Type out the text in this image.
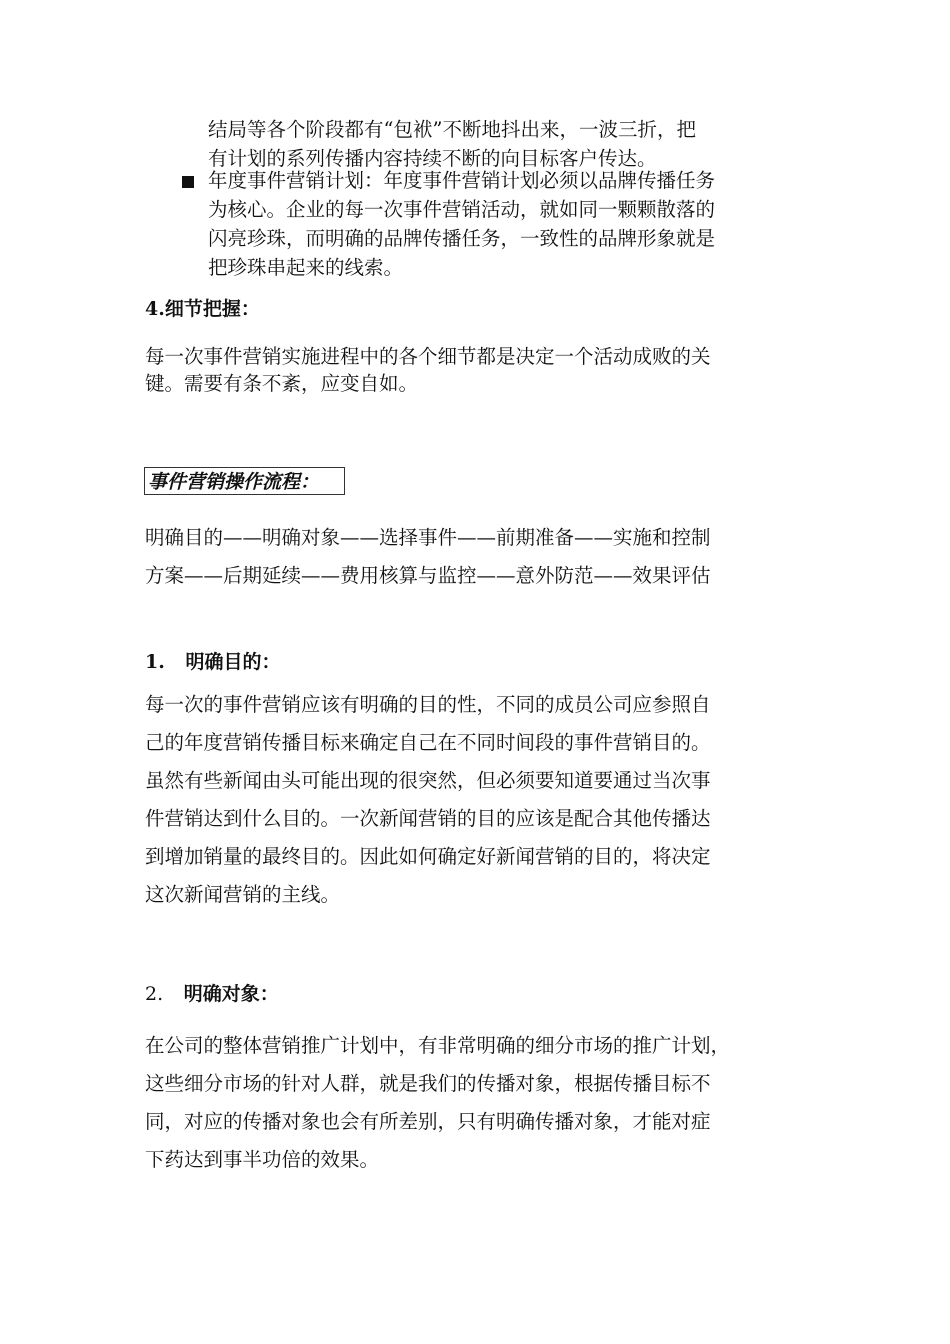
结局等各个阶段都有“包袱”不断地抖出来，一波三折，把
有计划的系列传播内容持续不断的向目标客户传达。
年度事件营销计划：年度事件营销计划必须以品牌传播任务
为核心。企业的每一次事件营销活动，就如同一颗颗散落的
闪亮珍珠，而明确的品牌传播任务，一致性的品牌形象就是
把珍珠串起来的线索。
4.细节把握：
每一次事件营销实施进程中的各个细节都是决定一个活动成败的关
键。需要有条不紊，应变自如。
事件营销操作流程：
明确目的——明确对象——选择事件——前期准备——实施和控制
方案——后期延续——费用核算与监控——意外防范——效果评估
1. 明确目的：
每一次的事件营销应该有明确的目的性，不同的成员公司应参照自
己的年度营销传播目标来确定自己在不同时间段的事件营销目的。
虽然有些新闻由头可能出现的很突然，但必须要知道要通过当次事
件营销达到什么目的。一次新闻营销的目的应该是配合其他传播达
到增加销量的最终目的。因此如何确定好新闻营销的目的，将决定
这次新闻营销的主线。
2. 明确对象：
在公司的整体营销推广计划中，有非常明确的细分市场的推广计划，
这些细分市场的针对人群，就是我们的传播对象，根据传播目标不
同，对应的传播对象也会有所差别，只有明确传播对象，才能对症
下药达到事半功倍的效果。
